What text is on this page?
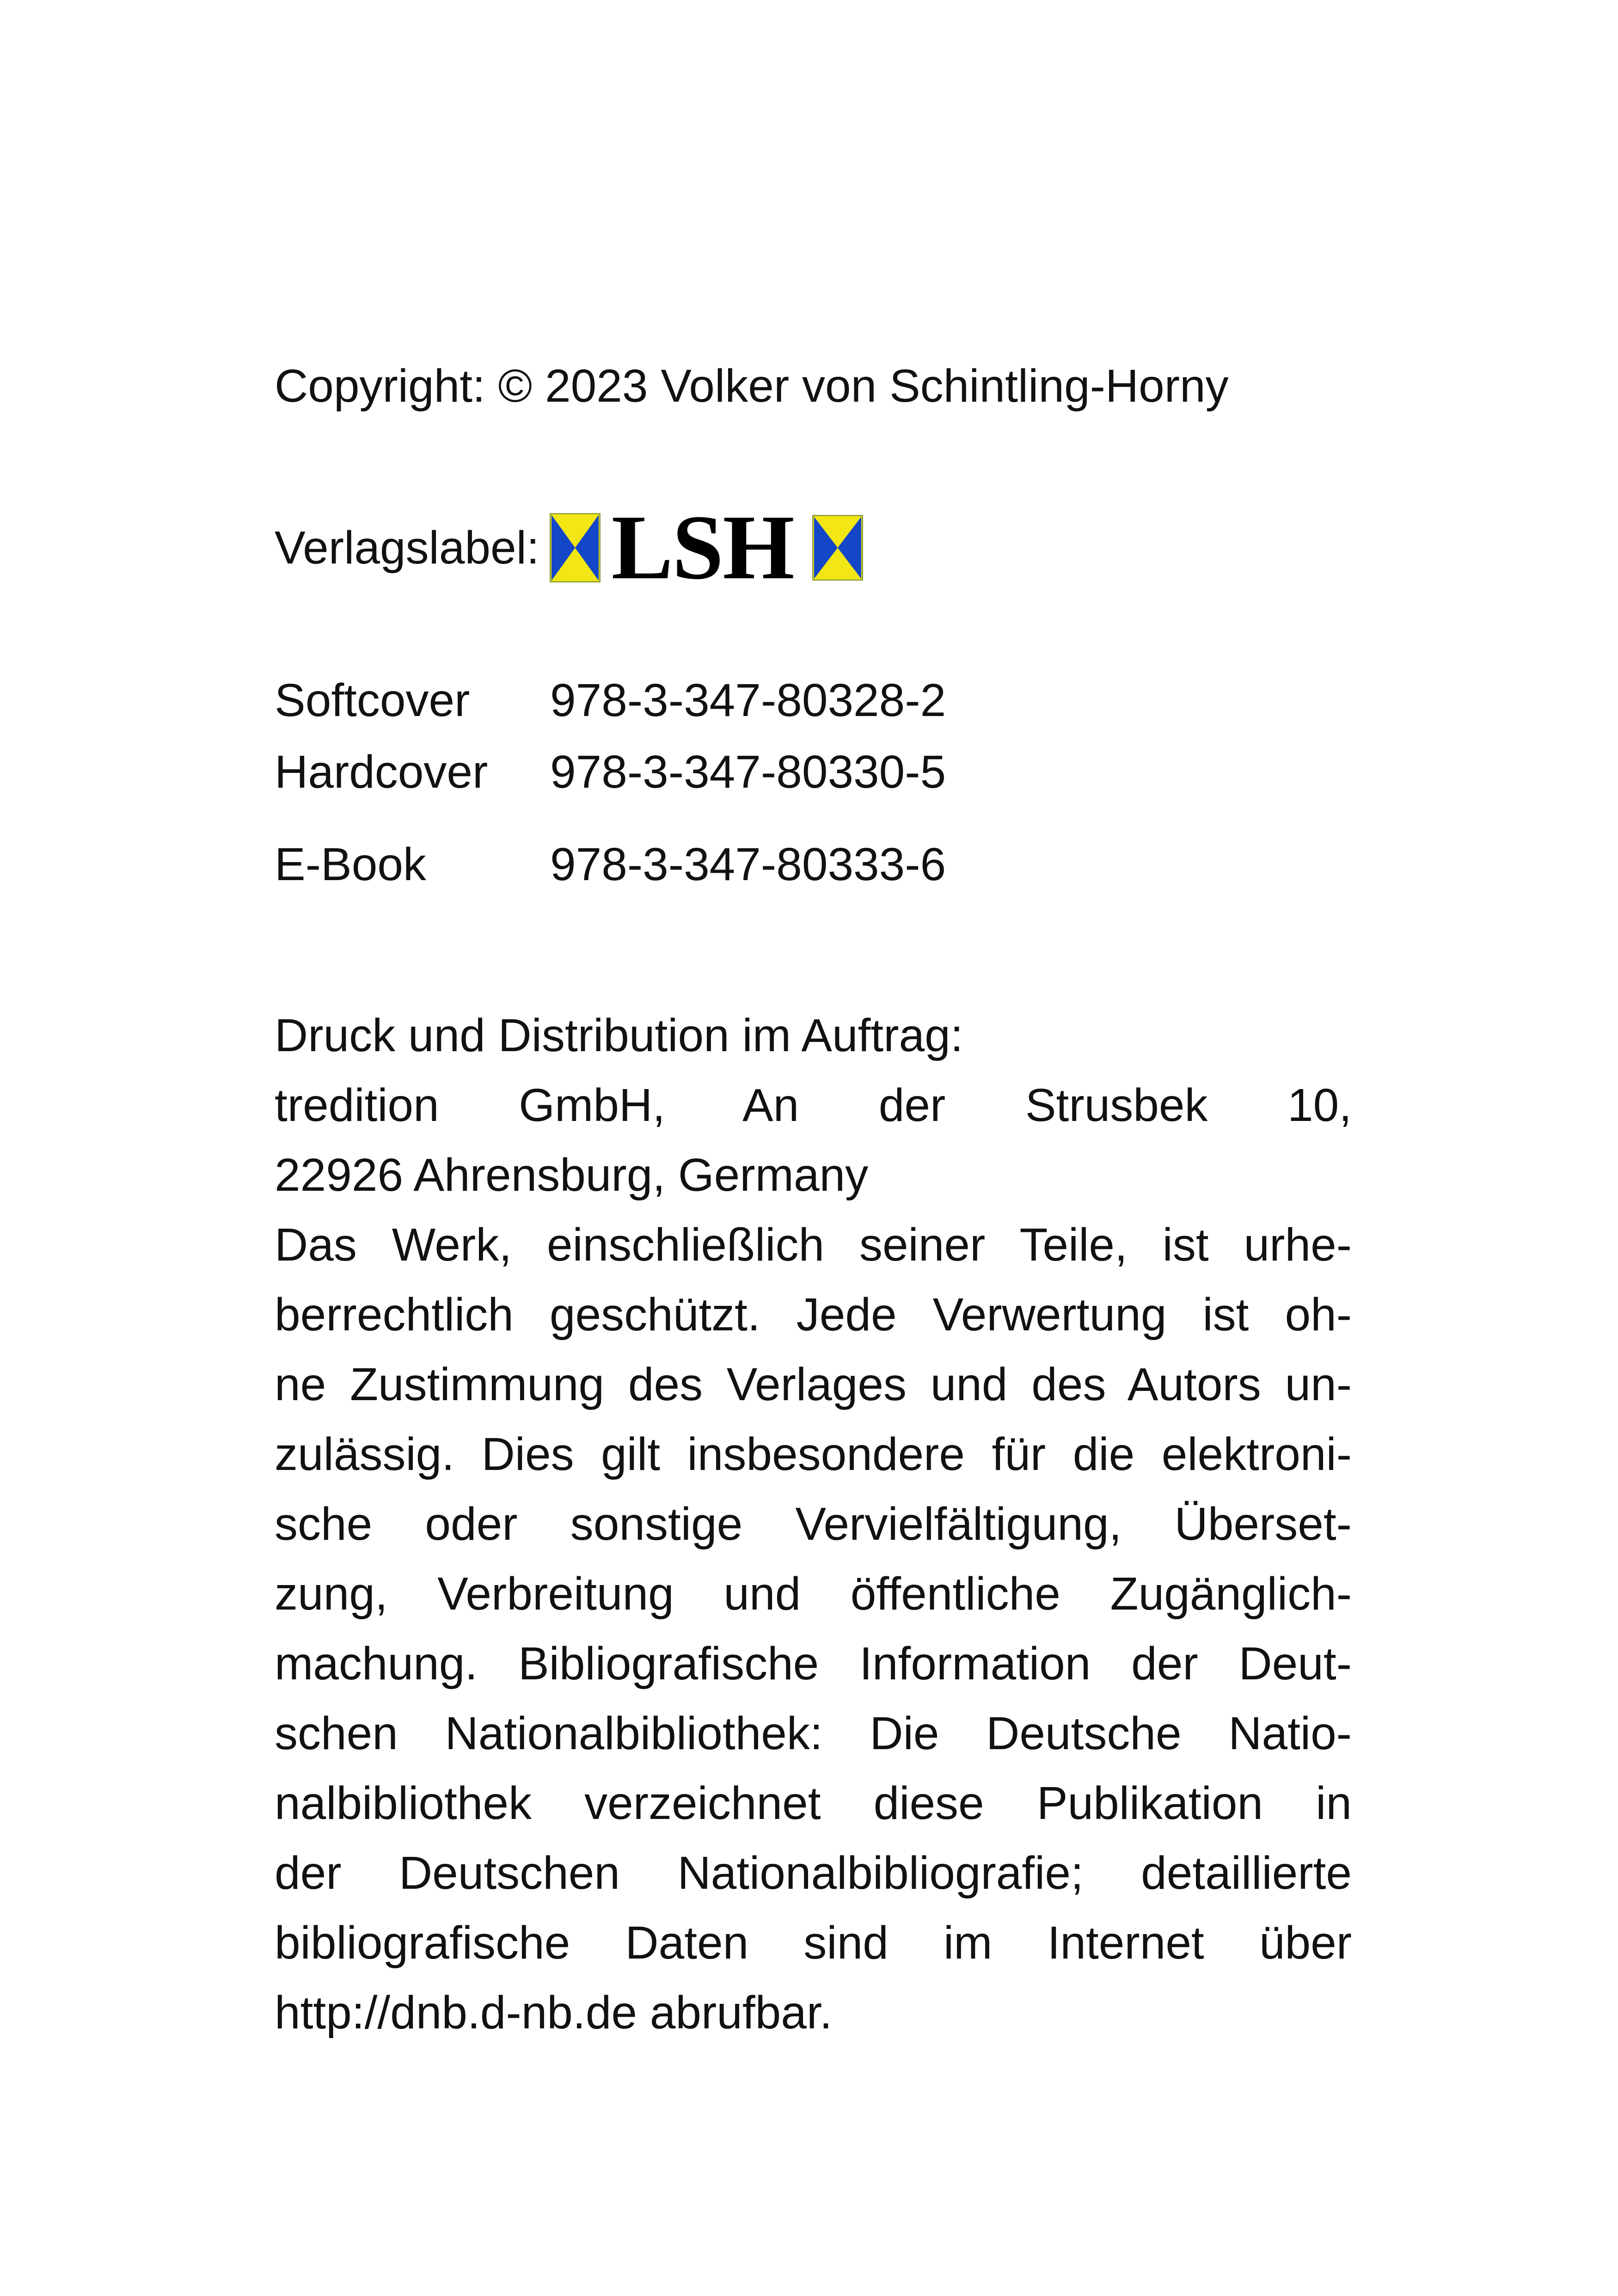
Copyright: © 2023 Volker von Schintling-Horny

Verlagslabel: LSH
Softcover	978-3-347-80328-2
Hardcover	978-3-347-80330-5
E-Book	978-3-347-80333-6
Druck und Distribution im Auftrag:
tredition GmbH, An der Strusbek 10,
22926 Ahrensburg, Germany
Das Werk, einschließlich seiner Teile, ist urhe-
berrechtlich geschützt. Jede Verwertung ist oh-
ne Zustimmung des Verlages und des Autors un-
zulässig. Dies gilt insbesondere für die elektroni-
sche oder sonstige Vervielfältigung, Überset-
zung, Verbreitung und öffentliche Zugänglich-
machung. Bibliografische Information der Deut-
schen Nationalbibliothek: Die Deutsche Natio-
nalbibliothek verzeichnet diese Publikation in
der Deutschen Nationalbibliografie; detaillierte
bibliografische Daten sind im Internet über
http://dnb.d-nb.de abrufbar.
